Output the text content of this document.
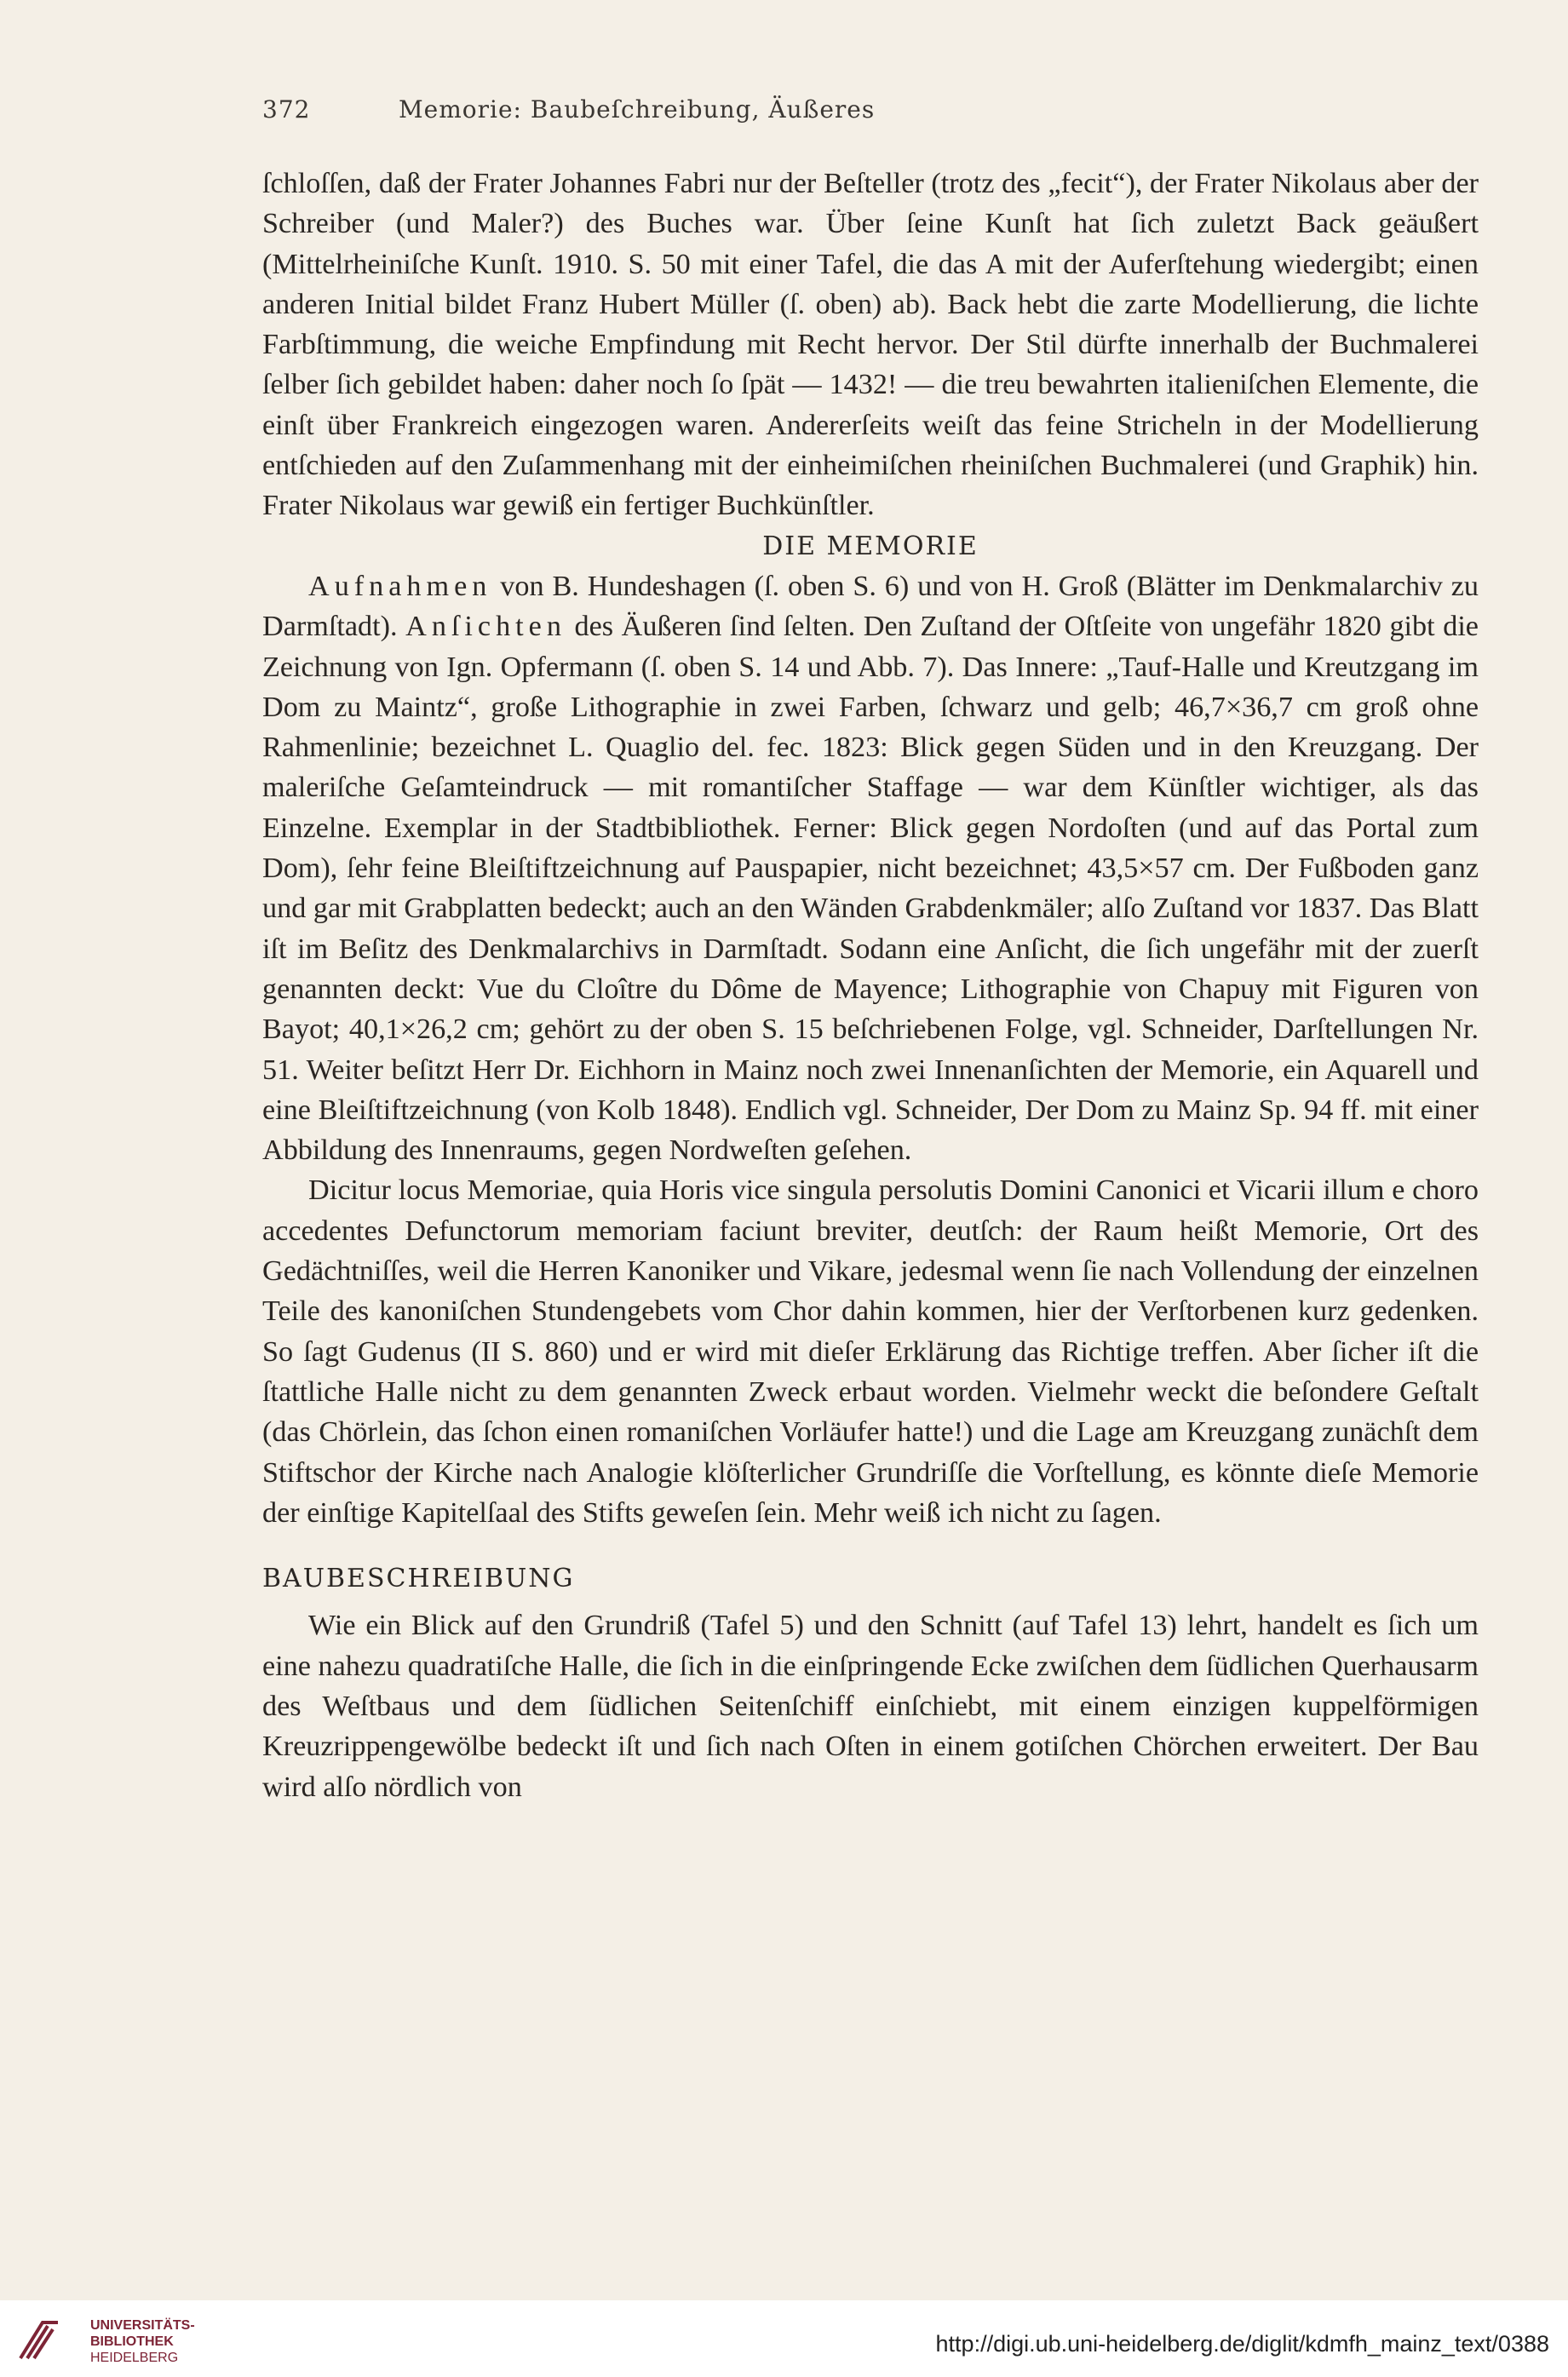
372	Memorie: Baubeſchreibung, Äußeres

ſchloſſen, daß der Frater Johannes Fabri nur der Beſteller (trotz des „fecit“), der Frater Nikolaus aber der Schreiber (und Maler?) des Buches war. Über ſeine Kunſt hat ſich zuletzt Back geäußert (Mittelrheiniſche Kunſt. 1910. S. 50 mit einer Tafel, die das A mit der Auferſtehung wiedergibt; einen anderen Initial bildet Franz Hubert Müller (ſ. oben) ab). Back hebt die zarte Modellierung, die lichte Farbſtimmung, die weiche Empfindung mit Recht hervor. Der Stil dürfte innerhalb der Buchmalerei ſelber ſich gebildet haben: daher noch ſo ſpät — 1432! — die treu bewahrten italieniſchen Elemente, die einſt über Frankreich eingezogen waren. Andererſeits weiſt das feine Stricheln in der Modellierung entſchieden auf den Zuſammenhang mit der einheimiſchen rheiniſchen Buchmalerei (und Graphik) hin. Frater Nikolaus war gewiß ein fertiger Buchkünſtler.

DIE MEMORIE

Aufnahmen von B. Hundeshagen (ſ. oben S. 6) und von H. Groß (Blätter im Denkmalarchiv zu Darmſtadt). Anſichten des Äußeren ſind ſelten. Den Zuſtand der Oſtſeite von ungefähr 1820 gibt die Zeichnung von Ign. Opfermann (ſ. oben S. 14 und Abb. 7). Das Innere: „Tauf-Halle und Kreutzgang im Dom zu Maintz“, große Lithographie in zwei Farben, ſchwarz und gelb; 46,7×36,7 cm groß ohne Rahmenlinie; bezeichnet L. Quaglio del. fec. 1823: Blick gegen Süden und in den Kreuzgang. Der maleriſche Geſamteindruck — mit romantiſcher Staffage — war dem Künſtler wichtiger, als das Einzelne. Exemplar in der Stadtbibliothek. Ferner: Blick gegen Nordoſten (und auf das Portal zum Dom), ſehr feine Bleiſtiftzeichnung auf Pauspapier, nicht bezeichnet; 43,5×57 cm. Der Fußboden ganz und gar mit Grabplatten bedeckt; auch an den Wänden Grabdenkmäler; alſo Zuſtand vor 1837. Das Blatt iſt im Beſitz des Denkmalarchivs in Darmſtadt. Sodann eine Anſicht, die ſich ungefähr mit der zuerſt genannten deckt: Vue du Cloître du Dôme de Mayence; Lithographie von Chapuy mit Figuren von Bayot; 40,1×26,2 cm; gehört zu der oben S. 15 beſchriebenen Folge, vgl. Schneider, Darſtellungen Nr. 51. Weiter beſitzt Herr Dr. Eichhorn in Mainz noch zwei Innenanſichten der Memorie, ein Aquarell und eine Bleiſtiftzeichnung (von Kolb 1848). Endlich vgl. Schneider, Der Dom zu Mainz Sp. 94 ff. mit einer Abbildung des Innenraums, gegen Nordweſten geſehen.

Dicitur locus Memoriae, quia Horis vice singula persolutis Domini Canonici et Vicarii illum e choro accedentes Defunctorum memoriam faciunt breviter, deutſch: der Raum heißt Memorie, Ort des Gedächtniſſes, weil die Herren Kanoniker und Vikare, jedesmal wenn ſie nach Vollendung der einzelnen Teile des kanoniſchen Stundengebets vom Chor dahin kommen, hier der Verſtorbenen kurz gedenken. So ſagt Gudenus (II S. 860) und er wird mit dieſer Erklärung das Richtige treffen. Aber ſicher iſt die ſtattliche Halle nicht zu dem genannten Zweck erbaut worden. Vielmehr weckt die beſondere Geſtalt (das Chörlein, das ſchon einen romaniſchen Vorläufer hatte!) und die Lage am Kreuzgang zunächſt dem Stiftschor der Kirche nach Analogie klöſterlicher Grundriſſe die Vorſtellung, es könnte dieſe Memorie der einſtige Kapitelſaal des Stifts geweſen ſein. Mehr weiß ich nicht zu ſagen.

BAUBESCHREIBUNG

Wie ein Blick auf den Grundriß (Tafel 5) und den Schnitt (auf Tafel 13) lehrt, handelt es ſich um eine nahezu quadratiſche Halle, die ſich in die einſpringende Ecke zwiſchen dem ſüdlichen Querhausarm des Weſtbaus und dem ſüdlichen Seitenſchiff einſchiebt, mit einem einzigen kuppelförmigen Kreuzrippengewölbe bedeckt iſt und ſich nach Oſten in einem gotiſchen Chörchen erweitert. Der Bau wird alſo nördlich von

UNIVERSITÄTS-
BIBLIOTHEK
HEIDELBERG
http://digi.ub.uni-heidelberg.de/diglit/kdmfh_mainz_text/0388
